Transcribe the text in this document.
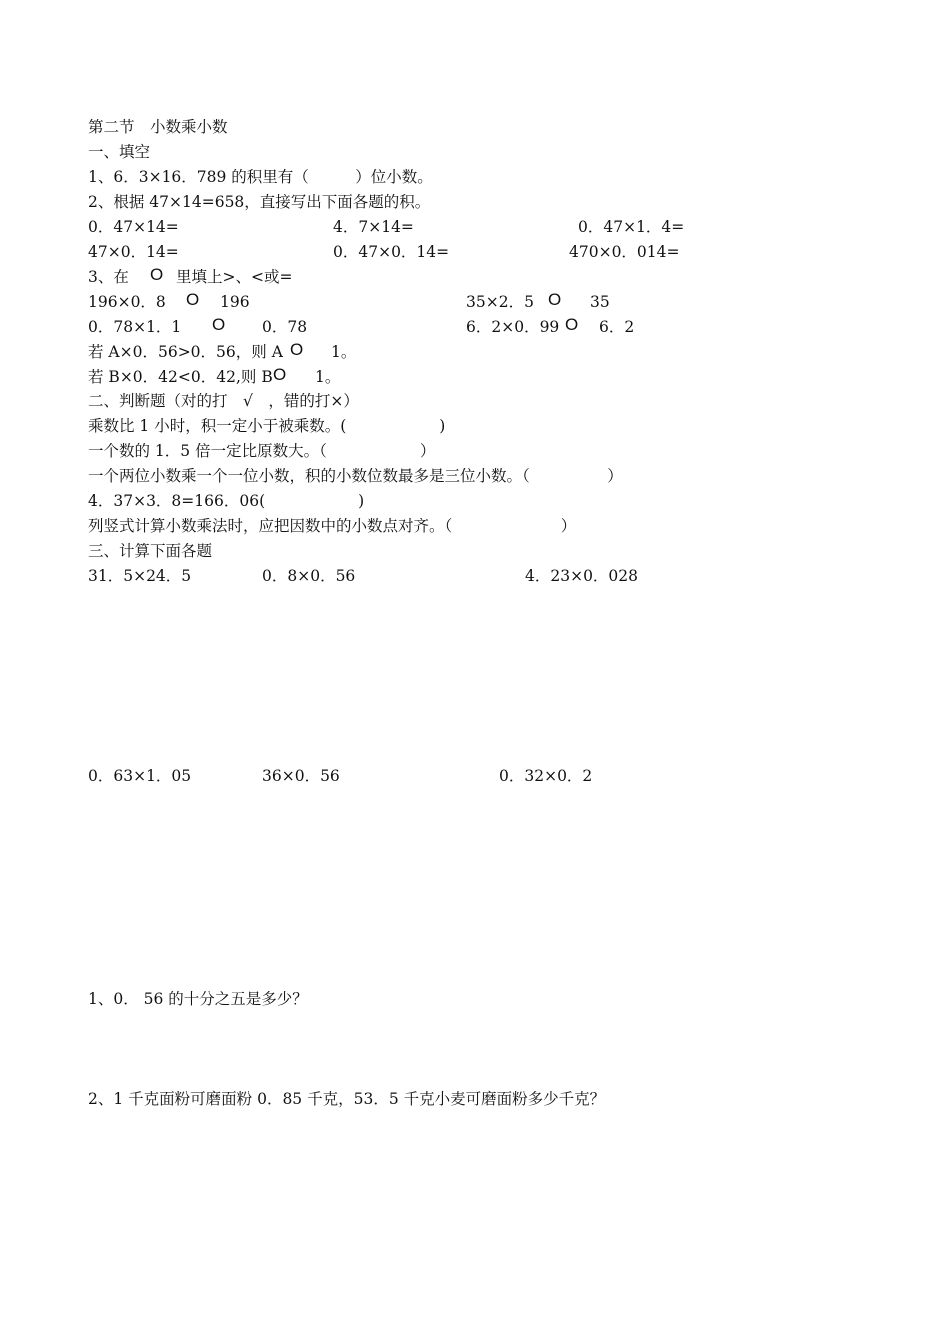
第二节　小数乘小数
一、填空
1、6．3×16．789 的积里有（　　　）位小数。
2、根据 47×14=658，直接写出下面各题的积。
0．47×14=	4．7×14=	0．47×1．4=
47×0．14=	0．47×0．14=	470×0．014=
3、在 O 里填上>、<或=
196×0．8 O 196	35×2．5 O 35
0．78×1．1 O 0．78	6．2×0．99 O 6．2
若 A×0．56>0．56，则 A O 1。
若 B×0．42<0．42,则 B O 1。
二、判断题（对的打　√　，错的打×）
乘数比 1 小时，积一定小于被乘数。(　　　　　　)
一个数的 1．5 倍一定比原数大。（　　　　　　）
一个两位小数乘一个一位小数，积的小数位数最多是三位小数。（　　　　　）
4．37×3．8=166．06(　　　　　　)
列竖式计算小数乘法时，应把因数中的小数点对齐。（　　　　　　　）
三、计算下面各题
31．5×24．5	0．8×0．56	4．23×0．028
0．63×1．05	36×0．56	0．32×0．2
1、0． 56 的十分之五是多少？
2、1 千克面粉可磨面粉 0．85 千克，53．5 千克小麦可磨面粉多少千克？
